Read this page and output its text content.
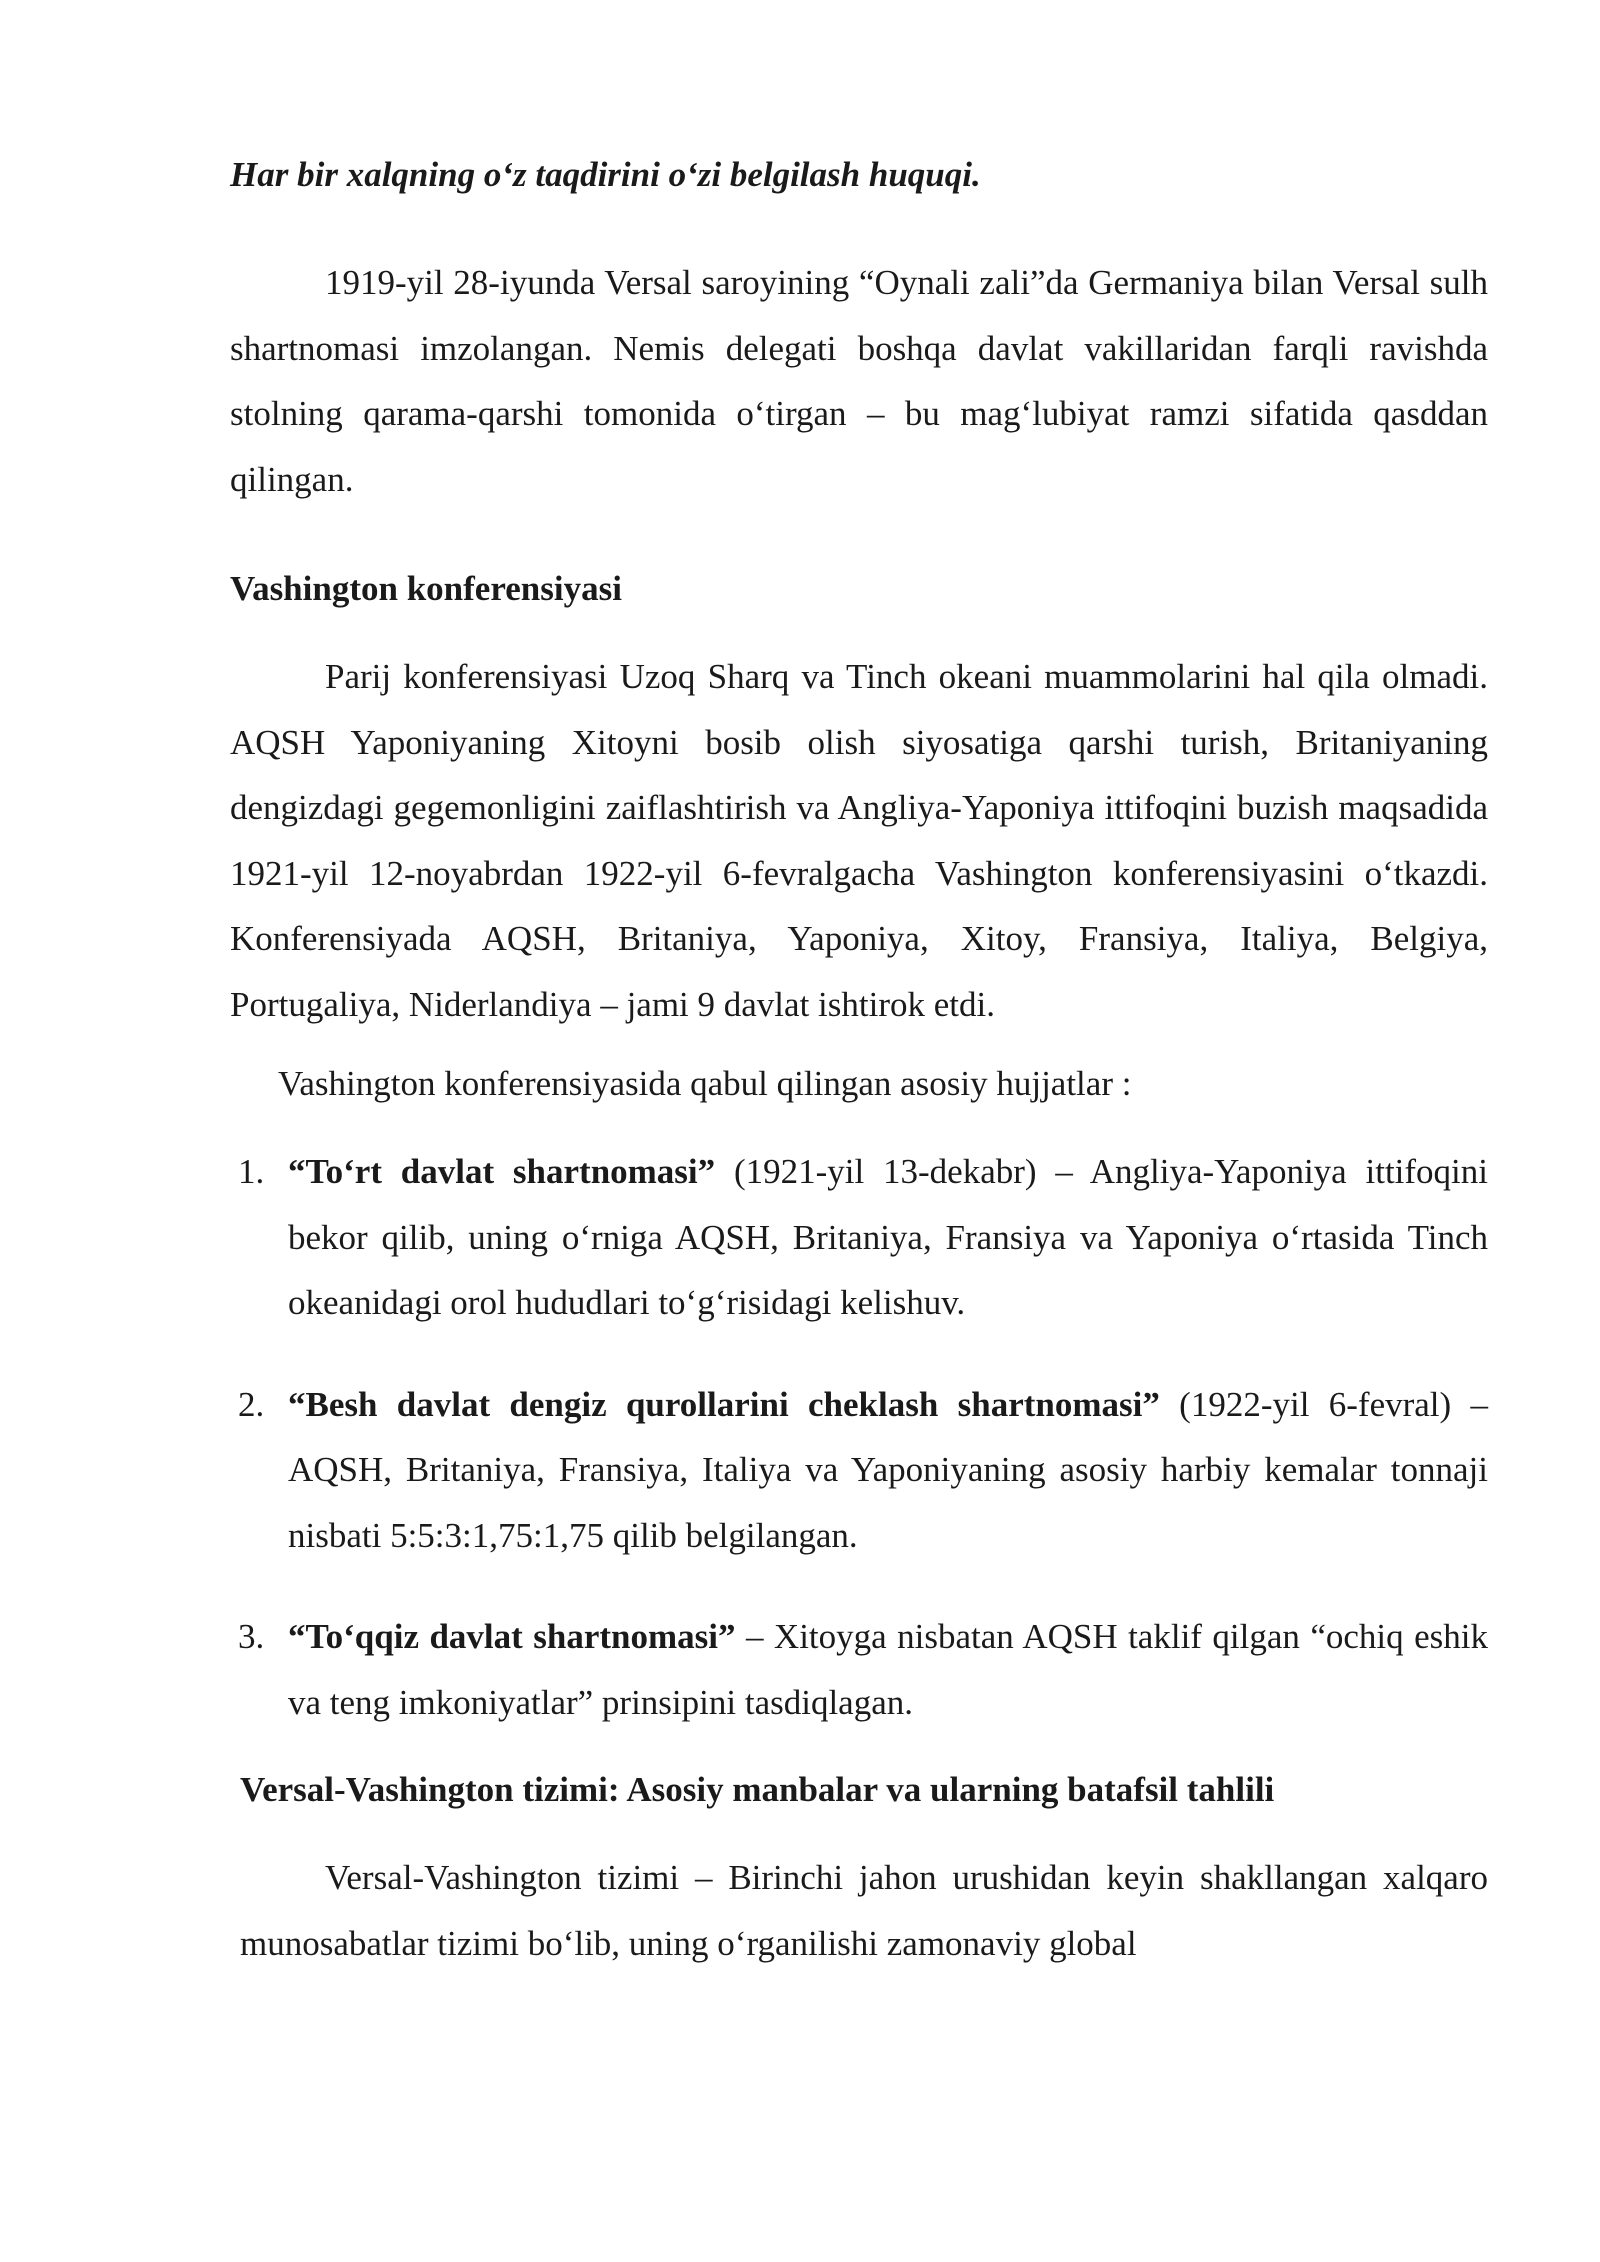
Har bir xalqning o‘z taqdirini o‘zi belgilash huquqi.

1919-yil 28-iyunda Versal saroyining “Oynali zali”da Germaniya bilan Versal sulh shartnomasi imzolangan. Nemis delegati boshqa davlat vakillaridan farqli ravishda stolning qarama-qarshi tomonida o‘tirgan – bu mag‘lubiyat ramzi sifatida qasddan qilingan.

Vashington konferensiyasi

Parij konferensiyasi Uzoq Sharq va Tinch okeani muammolarini hal qila olmadi. AQSH Yaponiyaning Xitoyni bosib olish siyosatiga qarshi turish, Britaniyaning dengizdagi gegemonligini zaiflashtirish va Angliya-Yaponiya ittifoqini buzish maqsadida 1921-yil 12-noyabrdan 1922-yil 6-fevralgacha Vashington konferensiyasini o‘tkazdi. Konferensiyada AQSH, Britaniya, Yaponiya, Xitoy, Fransiya, Italiya, Belgiya, Portugaliya, Niderlandiya – jami 9 davlat ishtirok etdi.

Vashington konferensiyasida qabul qilingan asosiy hujjatlar :

1. “To‘rt davlat shartnomasi” (1921-yil 13-dekabr) – Angliya-Yaponiya ittifoqini bekor qilib, uning o‘rniga AQSH, Britaniya, Fransiya va Yaponiya o‘rtasida Tinch okeanidagi orol hududlari to‘g‘risidagi kelishuv.
2. “Besh davlat dengiz qurollarini cheklash shartnomasi” (1922-yil 6-fevral) – AQSH, Britaniya, Fransiya, Italiya va Yaponiyaning asosiy harbiy kemalar tonnaji nisbati 5:5:3:1,75:1,75 qilib belgilangan.
3. “To‘qqiz davlat shartnomasi” – Xitoyga nisbatan AQSH taklif qilgan “ochiq eshik va teng imkoniyatlar” prinsipini tasdiqlagan.

Versal-Vashington tizimi: Asosiy manbalar va ularning batafsil tahlili

Versal-Vashington tizimi – Birinchi jahon urushidan keyin shakllangan xalqaro munosabatlar tizimi bo‘lib, uning o‘rganilishi zamonaviy global
